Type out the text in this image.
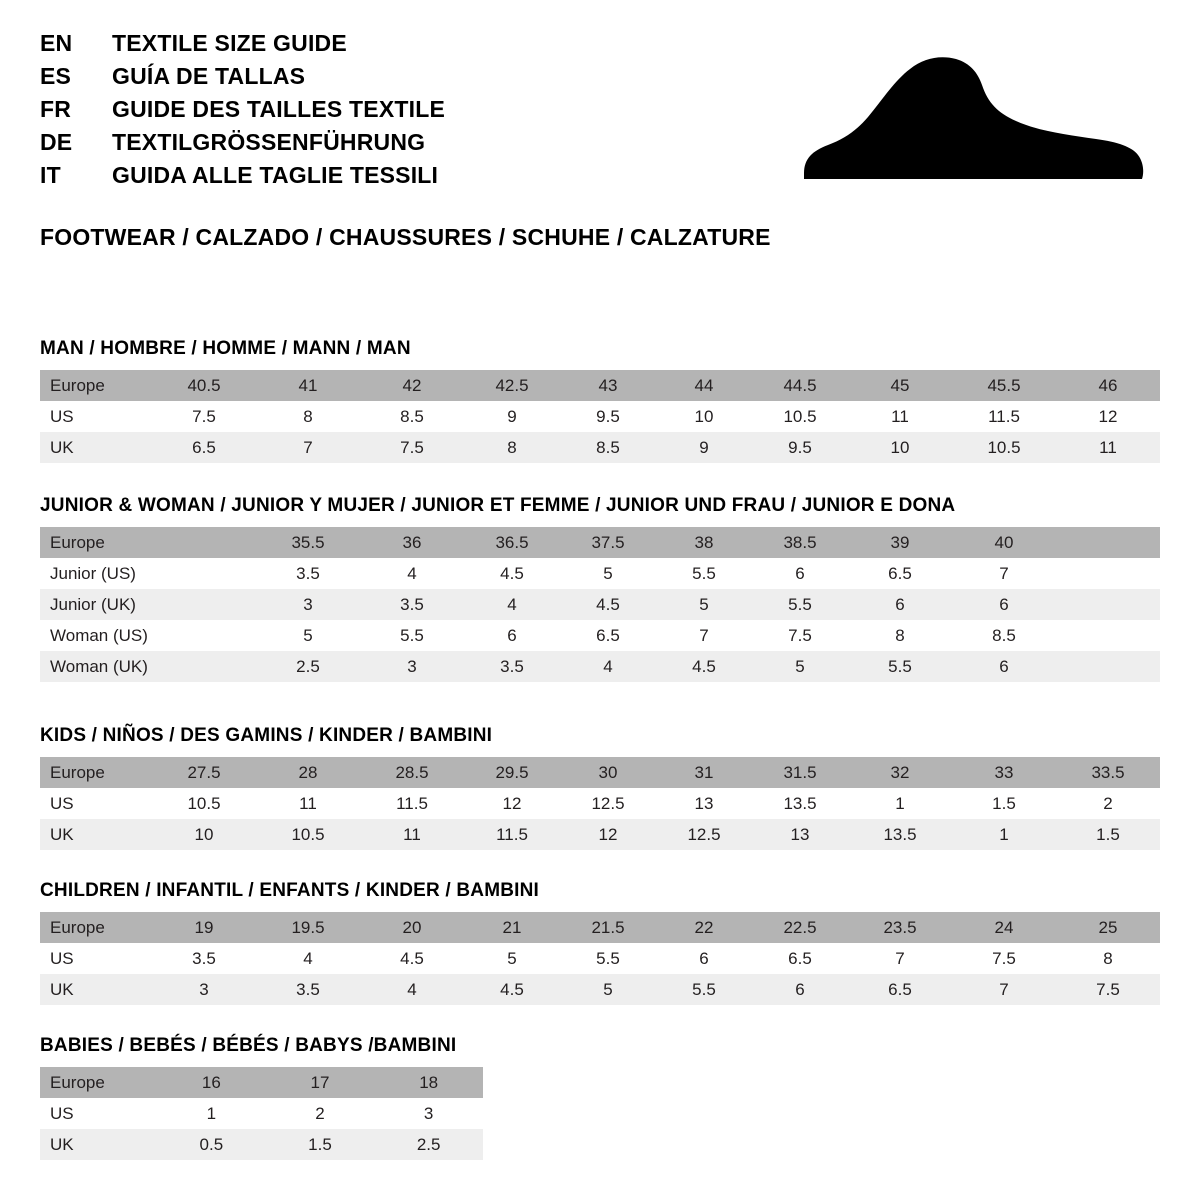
EN	TEXTILE SIZE GUIDE
ES	GUÍA DE TALLAS
FR	GUIDE DES TAILLES TEXTILE
DE	TEXTILGRÖSSENFÜHRUNG
IT	GUIDA ALLE TAGLIE TESSILI
FOOTWEAR / CALZADO / CHAUSSURES / SCHUHE / CALZATURE
MAN / HOMBRE / HOMME / MANN / MAN
Europe	40.5	41	42	42.5	43	44	44.5	45	45.5	46
US	7.5	8	8.5	9	9.5	10	10.5	11	11.5	12
UK	6.5	7	7.5	8	8.5	9	9.5	10	10.5	11
JUNIOR & WOMAN / JUNIOR Y MUJER / JUNIOR ET FEMME / JUNIOR UND FRAU / JUNIOR E DONA
Europe		35.5	36	36.5	37.5	38	38.5	39	40	
Junior (US)		3.5	4	4.5	5	5.5	6	6.5	7	
Junior (UK)		3	3.5	4	4.5	5	5.5	6	6	
Woman (US)		5	5.5	6	6.5	7	7.5	8	8.5	
Woman (UK)		2.5	3	3.5	4	4.5	5	5.5	6	
KIDS / NIÑOS / DES GAMINS / KINDER / BAMBINI
Europe	27.5	28	28.5	29.5	30	31	31.5	32	33	33.5
US	10.5	11	11.5	12	12.5	13	13.5	1	1.5	2
UK	10	10.5	11	11.5	12	12.5	13	13.5	1	1.5
CHILDREN / INFANTIL / ENFANTS / KINDER / BAMBINI
Europe	19	19.5	20	21	21.5	22	22.5	23.5	24	25
US	3.5	4	4.5	5	5.5	6	6.5	7	7.5	8
UK	3	3.5	4	4.5	5	5.5	6	6.5	7	7.5
BABIES / BEBÉS / BÉBÉS / BABYS /BAMBINI
Europe	16	17	18
US	1	2	3
UK	0.5	1.5	2.5
